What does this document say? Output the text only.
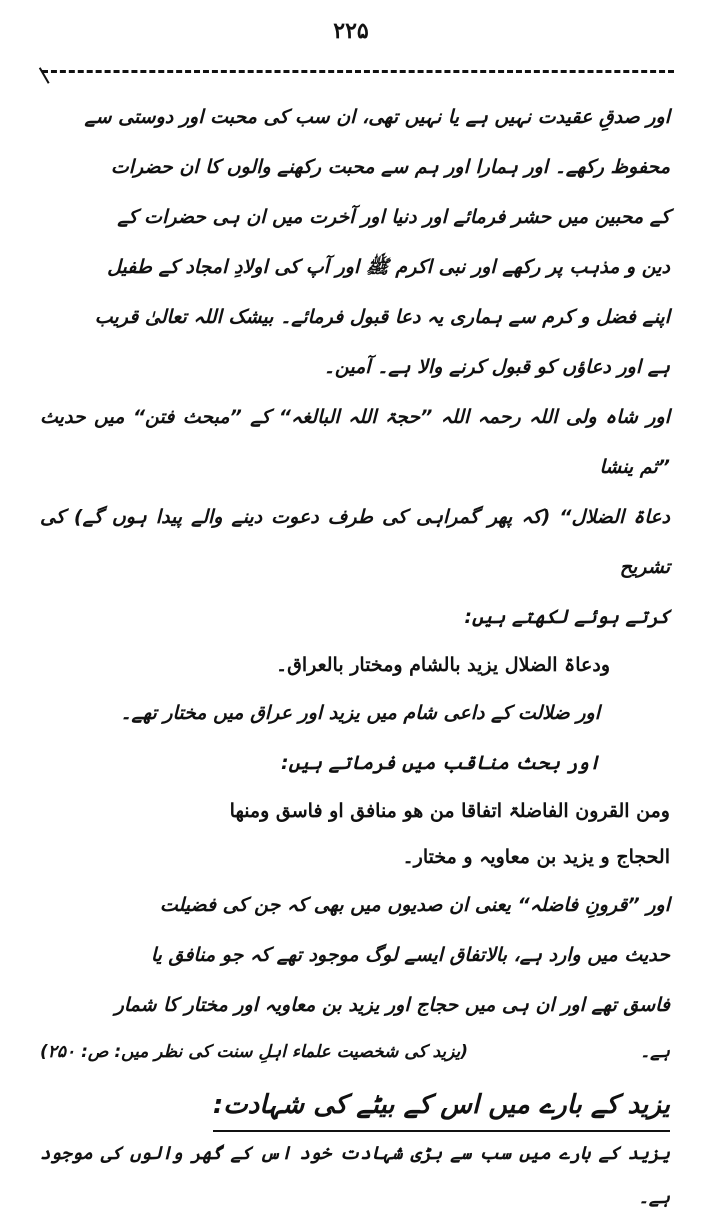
۲۲۵

اور صدقِ عقیدت نہیں ہے یا نہیں تھی، ان سب کی محبت اور دوستی سے

محفوظ رکھے۔ اور ہمارا اور ہم سے محبت رکھنے والوں کا ان حضرات

کے محبین میں حشر فرمائے اور دنیا اور آخرت میں ان ہی حضرات کے

دین و مذہب پر رکھے اور نبی اکرم ﷺ اور آپ کی اولادِ امجاد کے طفیل

اپنے فضل و کرم سے ہماری یہ دعا قبول فرمائے۔ بیشک اللہ تعالیٰ قریب

ہے اور دعاؤں کو قبول کرنے والا ہے۔ آمین۔

اور شاہ ولی اللہ رحمہ اللہ ”حجۃ اللہ البالغہ“ کے ”مبحث فتن“ میں حدیث ”ثم ینشا

دعاۃ الضلال“ (کہ پھر گمراہی کی طرف دعوت دینے والے پیدا ہوں گے) کی تشریح

کرتے ہوئے لکھتے ہیں:

ودعاۃ الضلال یزید بالشام ومختار بالعراق۔

اور ضلالت کے داعی شام میں یزید اور عراق میں مختار تھے۔

اور بحث مناقب میں فرماتے ہیں:

ومن القرون الفاضلۃ اتفاقا من ھو منافق او فاسق ومنھا

الحجاج و یزید بن معاویہ و مختار۔

اور ”قرونِ فاضلہ“ یعنی ان صدیوں میں بھی کہ جن کی فضیلت

حدیث میں وارد ہے، بالاتفاق ایسے لوگ موجود تھے کہ جو منافق یا

فاسق تھے اور ان ہی میں حجاج اور یزید بن معاویہ اور مختار کا شمار

ہے۔
(یزید کی شخصیت علماء اہلِ سنت کی نظر میں: ص: ۲۵۰)
یزید کے بارے میں اس کے بیٹے کی شہادت:

یزید کے بارے میں سب سے بڑی شہادت خود اس کے گھر والوں کی موجود ہے۔
